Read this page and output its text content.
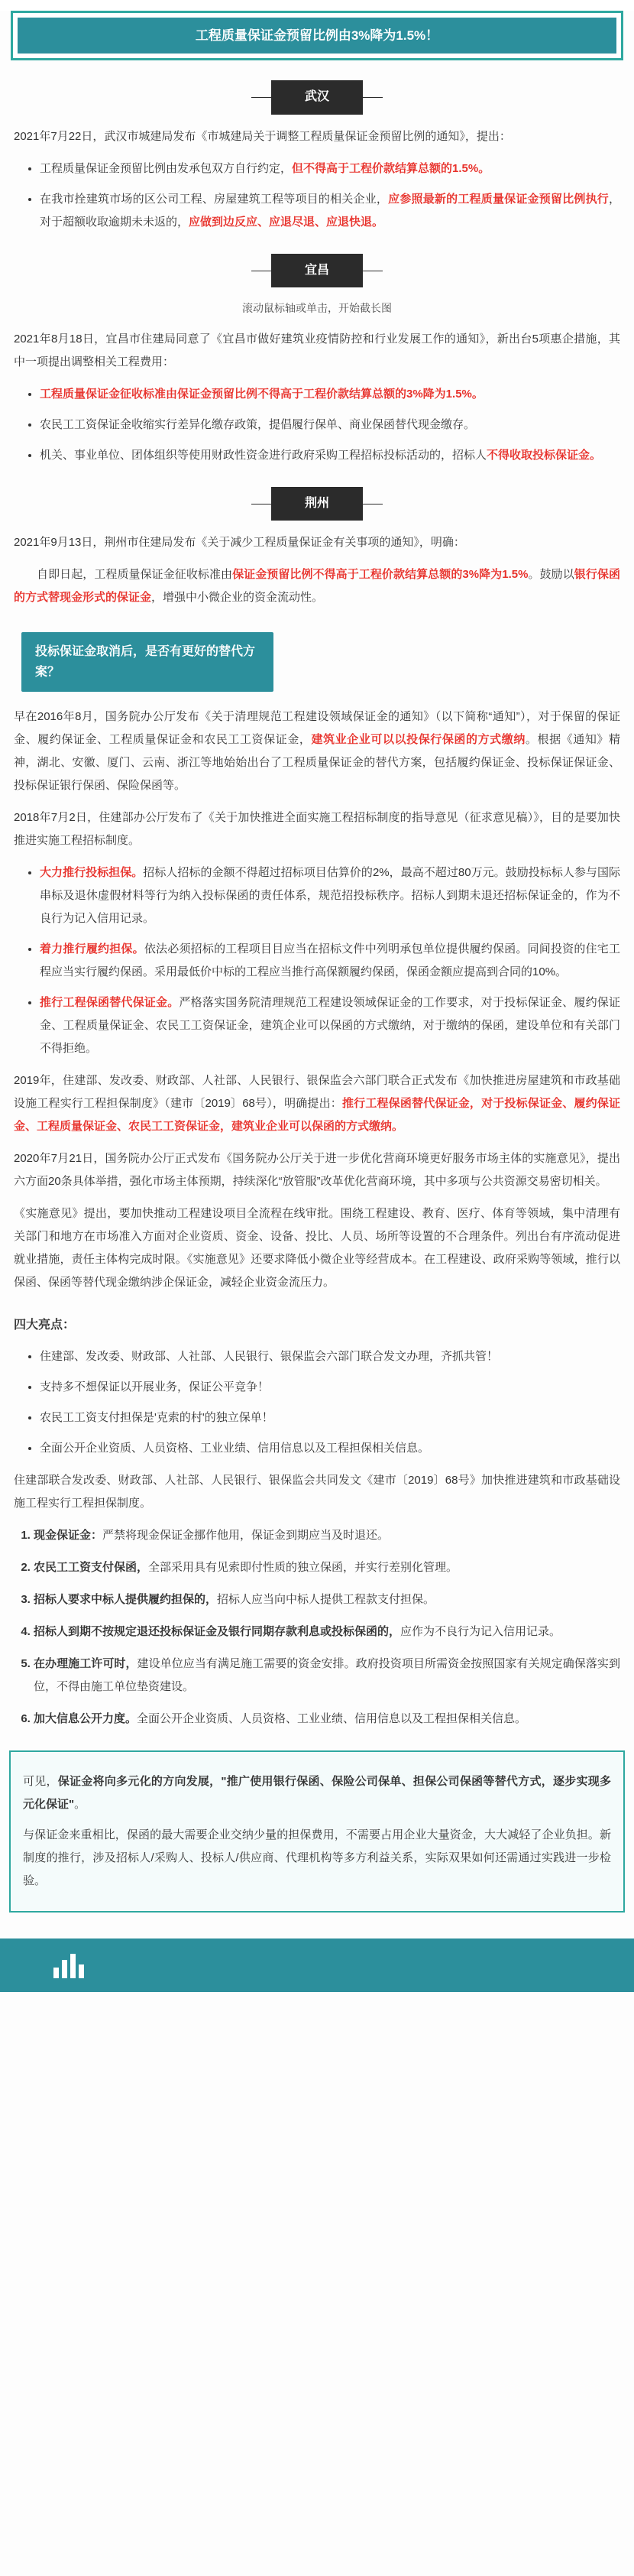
工程质量保证金预留比例由3%降为1.5%！
武汉

2021年7月22日，武汉市城建局发布《市城建局关于调整工程质量保证金预留比例的通知》，提出：

• 工程质量保证金预留比例由发承包双方自行约定，但不得高于工程价款结算总额的1.5%。
• 在我市拴建筑市场的区公司工程、房屋建筑工程等项目的相关企业，应参照最新的工程质量保证金预留比例执行，对于超额收取逾期未未返的，应做到边反应、应退尽退、应退快退。
宜昌
滚动鼠标轴或单击，开始截长图

2021年8月18日，宜昌市住建局同意了《宜昌市做好建筑业疫情防控和行业发展工作的通知》，新出台5项惠企措施，其中一项提出调整相关工程费用：

• 工程质量保证金征收标准由保证金预留比例不得高于工程价款结算总额的3%降为1.5%。
• 农民工工资保证金收缩实行差异化缴存政策，提倡履行保单、商业保函替代现金缴存。
• 机关、事业单位、团体组织等使用财政性资金进行政府采购工程招标投标活动的，招标人不得收取投标保证金。
荆州

2021年9月13日，荆州市住建局发布《关于减少工程质量保证金有关事项的通知》，明确：

自即日起，工程质量保证金征收标准由保证金预留比例不得高于工程价款结算总额的3%降为1.5%。鼓励以银行保函的方式替现金形式的保证金，增强中小微企业的资金流动性。

投标保证金取消后，是否有更好的替代方案？

早在2016年8月，国务院办公厅发布《关于清理规范工程建设领域保证金的通知》（以下简称“通知”），对于保留的保证金、履约保证金、工程质量保证金和农民工工资保证金，建筑业企业可以以投保行保函的方式缴纳。根据《通知》精神，湖北、安徽、厦门、云南、浙江等地始始出台了工程质量保证金的替代方案，包括履约保证金、投标保证保证金、投标保证银行保函、保险保函等。

2018年7月2日，住建部办公厅发布了《关于加快推进全面实施工程招标制度的指导意见（征求意见稿）》，目的是要加快推进实施工程招标制度。

• 大力推行投标担保。招标人招标的金额不得超过招标项目估算价的2%，最高不超过80万元。鼓励投标标人参与国际串标及退休虚假材料等行为纳入投标保函的责任体系，规范招投标秩序。招标人到期未退还招标保证金的，作为不良行为记入信用记录。
• 着力推行履约担保。依法必须招标的工程项目目应当在招标文件中列明承包单位提供履约保函。同间投资的住宅工程应当实行履约保函。采用最低价中标的工程应当推行高保额履约保函，保函金额应提高到合同的10%。
• 推行工程保函替代保证金。严格落实国务院清理规范工程建设领域保证金的工作要求，对于投标保证金、履约保证金、工程质量保证金、农民工工资保证金，建筑企业可以保函的方式缴纳，对于缴纳的保函，建设单位和有关部门不得拒绝。

2019年，住建部、发改委、财政部、人社部、人民银行、银保监会六部门联合正式发布《加快推进房屋建筑和市政基础设施工程实行工程担保制度》（建市〔2019〕68号），明确提出：推行工程保函替代保证金，对于投标保证金、履约保证金、工程质量保证金、农民工工资保证金，建筑业企业可以保函的方式缴纳。

2020年7月21日，国务院办公厅正式发布《国务院办公厅关于进一步优化营商环境更好服务市场主体的实施意见》，提出六方面20条具体举措，强化市场主体预期，持续深化“放管服”改革优化营商环境，其中多项与公共资源交易密切相关。

《实施意见》提出，要加快推动工程建设项目全流程在线审批。围绕工程建设、教育、医疗、体育等领域，集中清理有关部门和地方在市场准入方面对企业资质、资金、设备、投比、人员、场所等设置的不合理条件。列出台有序流动促进就业措施，责任主体构完成时限。《实施意见》还要求降低小微企业等经营成本。在工程建设、政府采购等领域，推行以保函、保函等替代现金缴纳涉企保证金，减轻企业资金流压力。

四大亮点：
• 住建部、发改委、财政部、人社部、人民银行、银保监会六部门联合发文办理，齐抓共管！
• 支持多不想保证以开展业务，保证公平竞争！
• 农民工工资支付担保是'克索的村'的独立保单！
• 全面公开企业资质、人员资格、工业业绩、信用信息以及工程担保相关信息。

住建部联合发改委、财政部、人社部、人民银行、银保监会共同发文《建市〔2019〕68号》加快推进建筑和市政基础设施工程实行工程担保制度。

1. 现金保证金：严禁将现金保证金挪作他用，保证金到期应当及时退还。
2. 农民工工资支付保函，全部采用具有见索即付性质的独立保函，并实行差别化管理。
3. 招标人要求中标人提供履约担保的，招标人应当向中标人提供工程款支付担保。
4. 招标人到期不按规定退还投标保证金及银行同期存款利息或投标保函的，应作为不良行为记入信用记录。
5. 在办理施工许可时，建设单位应当有满足施工需要的资金安排。政府投资项目所需资金按照国家有关规定确保落实到位，不得由施工单位垫资建设。
6. 加大信息公开力度。全面公开企业资质、人员资格、工业业绩、信用信息以及工程担保相关信息。

可见，保证金将向多元化的方向发展，"推广使用银行保函、保险公司保单、担保公司保函等替代方式，逐步实现多元化保证"。

与保证金来重相比，保函的最大需要企业交纳少量的担保费用，不需要占用企业大量资金，大大减轻了企业负担。新制度的推行，涉及招标人/采购人、投标人/供应商、代理机构等多方利益关系，实际双果如何还需通过实践进一步检验。
